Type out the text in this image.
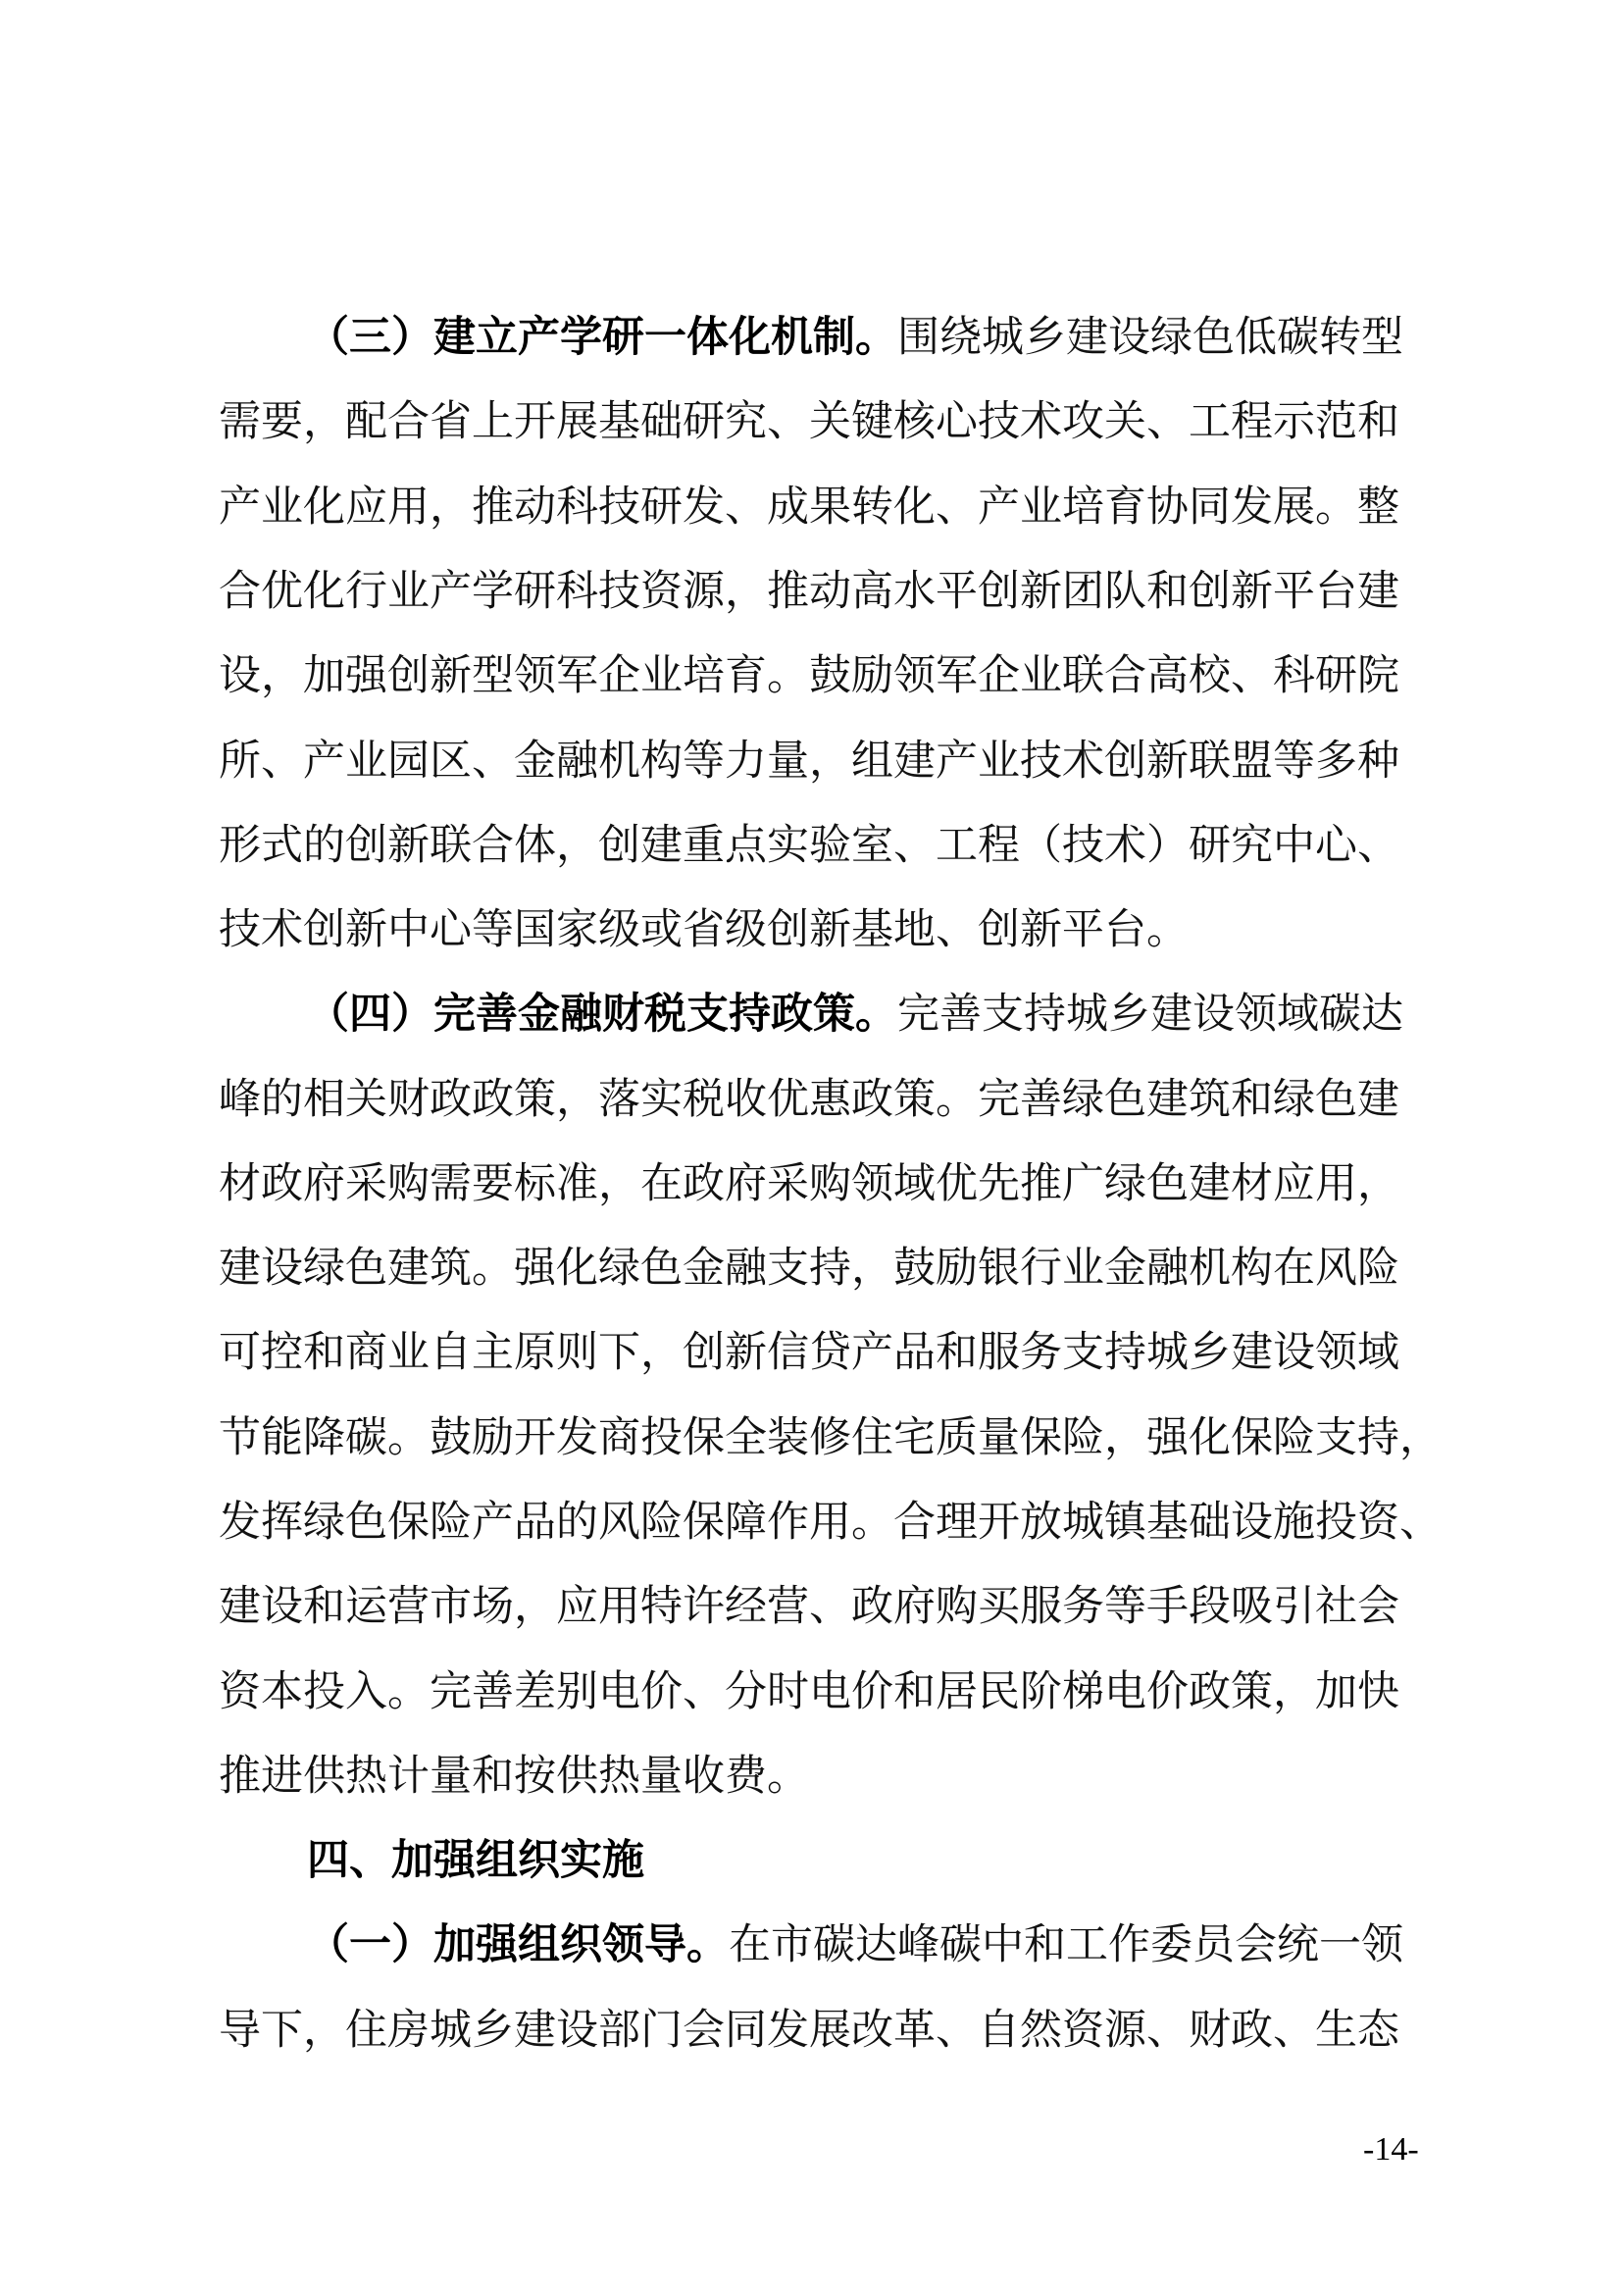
（三）建立产学研一体化机制。围绕城乡建设绿色低碳转型
需要，配合省上开展基础研究、关键核心技术攻关、工程示范和
产业化应用，推动科技研发、成果转化、产业培育协同发展。整
合优化行业产学研科技资源，推动高水平创新团队和创新平台建
设，加强创新型领军企业培育。鼓励领军企业联合高校、科研院
所、产业园区、金融机构等力量，组建产业技术创新联盟等多种
形式的创新联合体，创建重点实验室、工程（技术）研究中心、
技术创新中心等国家级或省级创新基地、创新平台。
（四）完善金融财税支持政策。完善支持城乡建设领域碳达
峰的相关财政政策，落实税收优惠政策。完善绿色建筑和绿色建
材政府采购需要标准，在政府采购领域优先推广绿色建材应用，
建设绿色建筑。强化绿色金融支持，鼓励银行业金融机构在风险
可控和商业自主原则下，创新信贷产品和服务支持城乡建设领域
节能降碳。鼓励开发商投保全装修住宅质量保险，强化保险支持，
发挥绿色保险产品的风险保障作用。合理开放城镇基础设施投资、
建设和运营市场，应用特许经营、政府购买服务等手段吸引社会
资本投入。完善差别电价、分时电价和居民阶梯电价政策，加快
推进供热计量和按供热量收费。
四、加强组织实施
（一）加强组织领导。在市碳达峰碳中和工作委员会统一领
导下，住房城乡建设部门会同发展改革、自然资源、财政、生态
-14-
